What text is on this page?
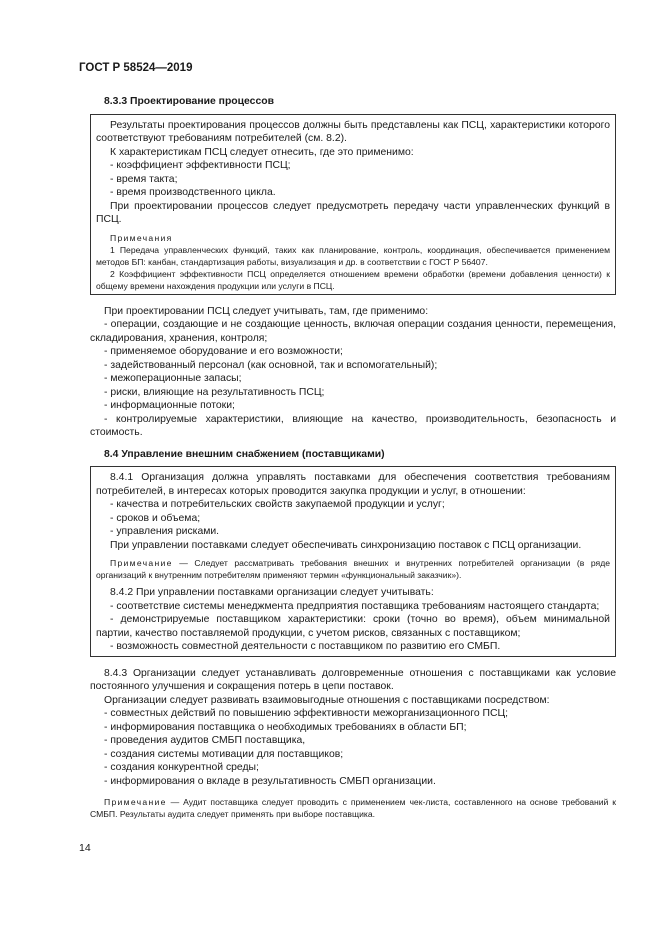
ГОСТ Р 58524—2019

8.3.3 Проектирование процессов

Результаты проектирования процессов должны быть представлены как ПСЦ, характеристики которого соответствуют требованиям потребителей (см. 8.2).

К характеристикам ПСЦ следует отнесить, где это применимо:

- коэффициент эффективности ПСЦ;

- время такта;

- время производственного цикла.

При проектировании процессов следует предусмотреть передачу части управленческих функций в ПСЦ.

Примечания

1 Передача управленческих функций, таких как планирование, контроль, координация, обеспечивается применением методов БП: канбан, стандартизация работы, визуализация и др. в соответствии с ГОСТ Р 56407.

2 Коэффициент эффективности ПСЦ определяется отношением времени обработки (времени добавления ценности) к общему времени нахождения продукции или услуги в ПСЦ.

При проектировании ПСЦ следует учитывать, там, где применимо:

- операции, создающие и не создающие ценность, включая операции создания ценности, перемещения, складирования, хранения, контроля;

- применяемое оборудование и его возможности;

- задействованный персонал (как основной, так и вспомогательный);

- межоперационные запасы;

- риски, влияющие на результативность ПСЦ;

- информационные потоки;

- контролируемые характеристики, влияющие на качество, производительность, безопасность и стоимость.

8.4 Управление внешним снабжением (поставщиками)

8.4.1 Организация должна управлять поставками для обеспечения соответствия требованиям потребителей, в интересах которых проводится закупка продукции и услуг, в отношении:

- качества и потребительских свойств закупаемой продукции и услуг;

- сроков и объема;

- управления рисками.

При управлении поставками следует обеспечивать синхронизацию поставок с ПСЦ организации.

Примечание — Следует рассматривать требования внешних и внутренних потребителей организации (в ряде организаций к внутренним потребителям применяют термин «функциональный заказчик»).

8.4.2 При управлении поставками организации следует учитывать:

- соответствие системы менеджмента предприятия поставщика требованиям настоящего стандарта;

- демонстрируемые поставщиком характеристики: сроки (точно во время), объем минимальной партии, качество поставляемой продукции, с учетом рисков, связанных с поставщиком;

- возможность совместной деятельности с поставщиком по развитию его СМБП.

8.4.3 Организации следует устанавливать долговременные отношения с поставщиками как условие постоянного улучшения и сокращения потерь в цепи поставок.

Организации следует развивать взаимовыгодные отношения с поставщиками посредством:

- совместных действий по повышению эффективности межорганизационного ПСЦ;

- информирования поставщика о необходимых требованиях в области БП;

- проведения аудитов СМБП поставщика,

- создания системы мотивации для поставщиков;

- создания конкурентной среды;

- информирования о вкладе в результативность СМБП организации.

Примечание — Аудит поставщика следует проводить с применением чек-листа, составленного на основе требований к СМБП. Результаты аудита следует применять при выборе поставщика.

14
